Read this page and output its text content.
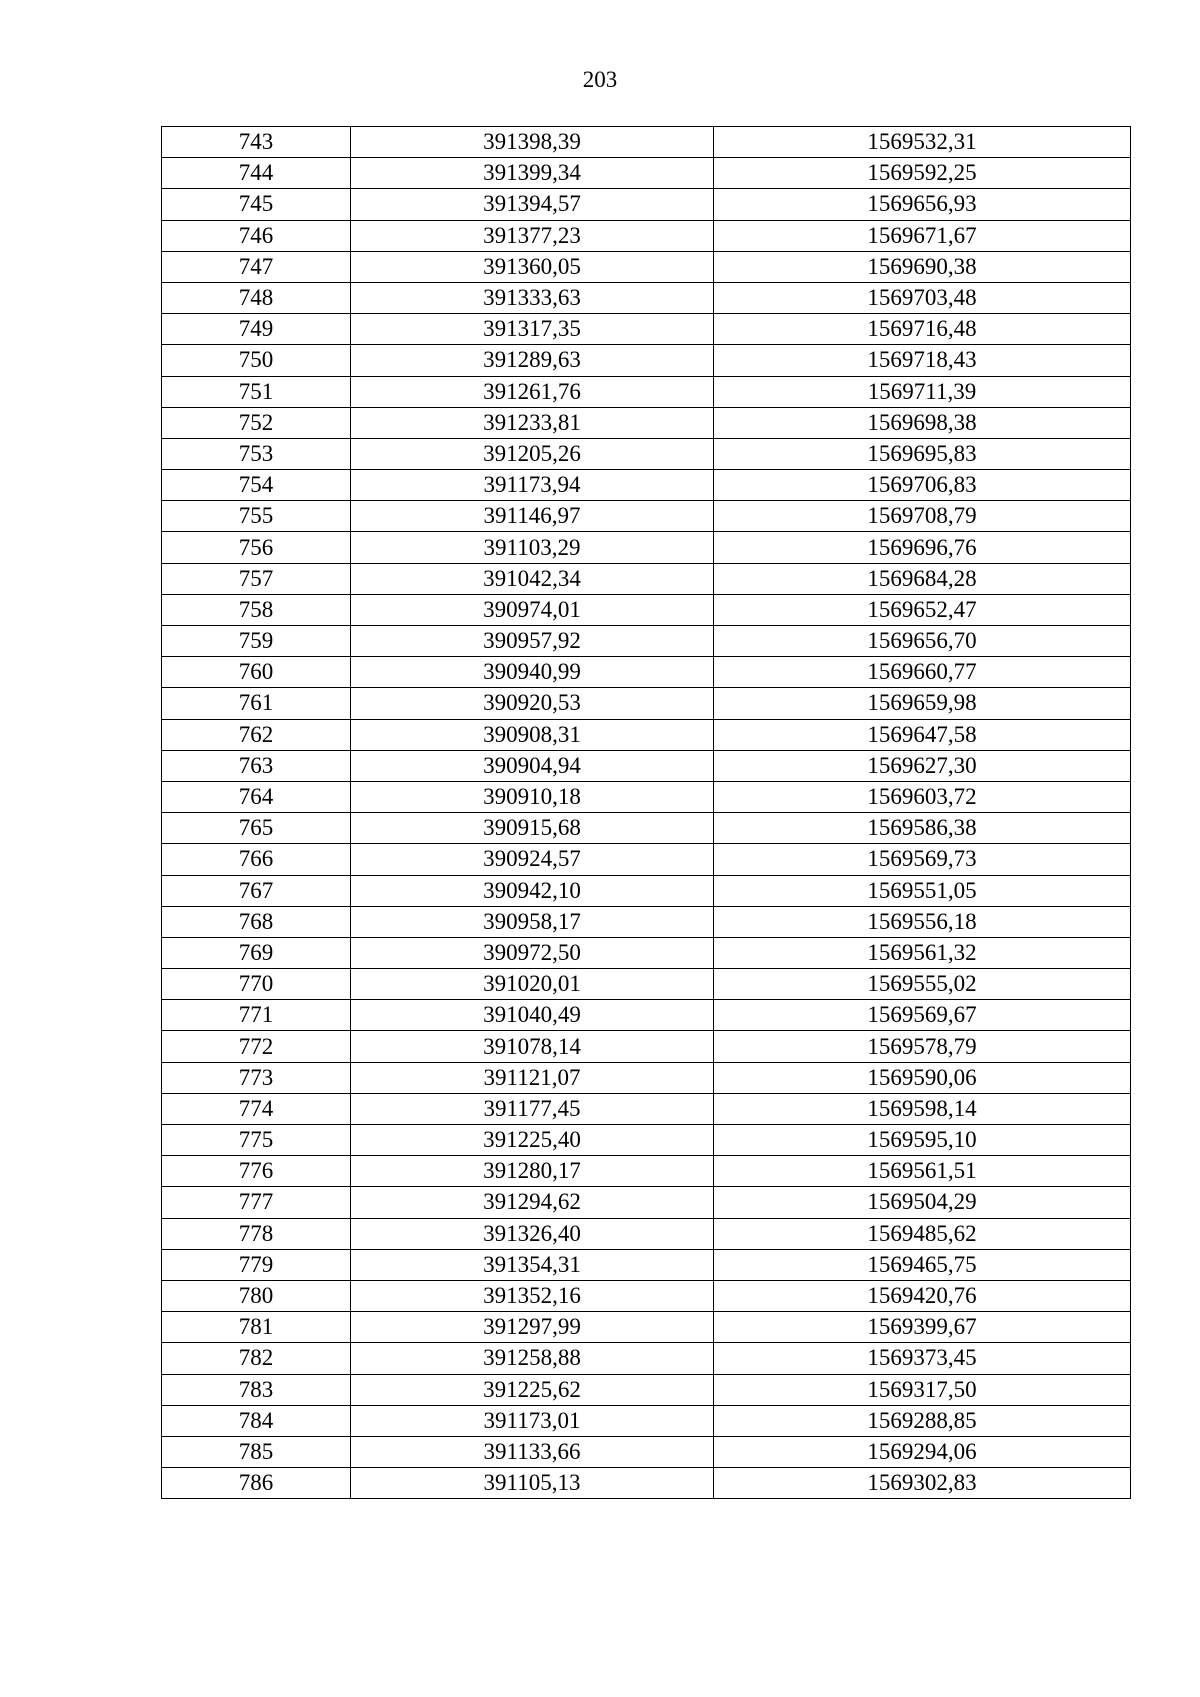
203
743	391398,39	1569532,31
744	391399,34	1569592,25
745	391394,57	1569656,93
746	391377,23	1569671,67
747	391360,05	1569690,38
748	391333,63	1569703,48
749	391317,35	1569716,48
750	391289,63	1569718,43
751	391261,76	1569711,39
752	391233,81	1569698,38
753	391205,26	1569695,83
754	391173,94	1569706,83
755	391146,97	1569708,79
756	391103,29	1569696,76
757	391042,34	1569684,28
758	390974,01	1569652,47
759	390957,92	1569656,70
760	390940,99	1569660,77
761	390920,53	1569659,98
762	390908,31	1569647,58
763	390904,94	1569627,30
764	390910,18	1569603,72
765	390915,68	1569586,38
766	390924,57	1569569,73
767	390942,10	1569551,05
768	390958,17	1569556,18
769	390972,50	1569561,32
770	391020,01	1569555,02
771	391040,49	1569569,67
772	391078,14	1569578,79
773	391121,07	1569590,06
774	391177,45	1569598,14
775	391225,40	1569595,10
776	391280,17	1569561,51
777	391294,62	1569504,29
778	391326,40	1569485,62
779	391354,31	1569465,75
780	391352,16	1569420,76
781	391297,99	1569399,67
782	391258,88	1569373,45
783	391225,62	1569317,50
784	391173,01	1569288,85
785	391133,66	1569294,06
786	391105,13	1569302,83
